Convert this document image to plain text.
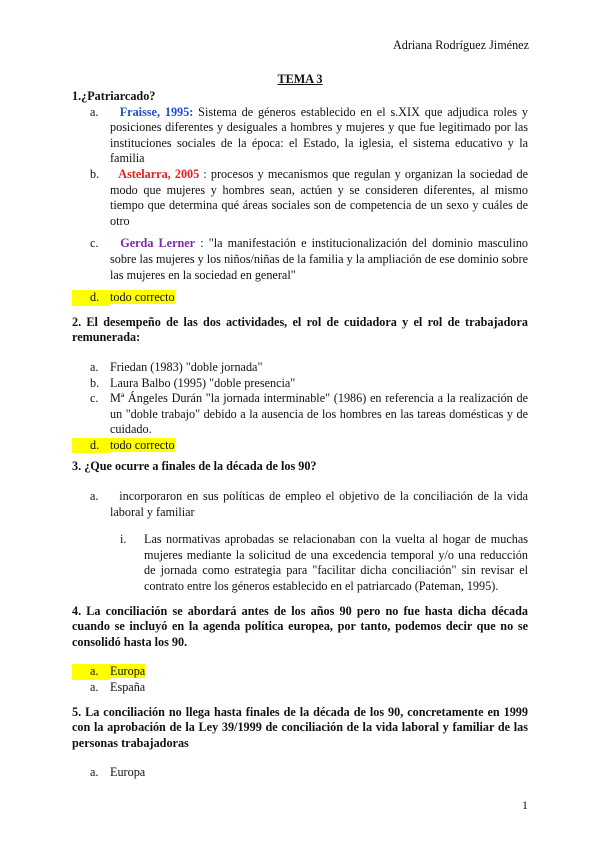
Adriana Rodríguez Jiménez
TEMA 3

1.¿Patriarcado?

a.	Fraisse, 1995: Sistema de géneros establecido en el s.XIX que adjudica roles y posiciones diferentes y desiguales a hombres y mujeres y que fue legitimado por las instituciones sociales de la época: el Estado, la iglesia, el sistema educativo y la familia
b.	Astelarra, 2005 : procesos y mecanismos que regulan y organizan la sociedad de modo que mujeres y hombres sean, actúen y se consideren diferentes, al mismo tiempo que determina qué áreas sociales son de competencia de un sexo y cuáles de otro
c.	Gerda Lerner : "la manifestación e institucionalización del dominio masculino sobre las mujeres y los niños/niñas de la familia y la ampliación de ese dominio sobre las mujeres en la sociedad en general"
d. todo correcto

2. El desempeño de las dos actividades, el rol de cuidadora y el rol de trabajadora remunerada:

a. Friedan (1983) "doble jornada"
b. Laura Balbo (1995) "doble presencia"
c. Mª Ángeles Durán "la jornada interminable" (1986) en referencia a la realización de un "doble trabajo" debido a la ausencia de los hombres en las tareas domésticas y de cuidado.
d. todo correcto

3. ¿Que ocurre a finales de la década de los 90?

a.	incorporaron en sus políticas de empleo el objetivo de la conciliación de la vida laboral y familiar
i.	Las normativas aprobadas se relacionaban con la vuelta al hogar de muchas mujeres mediante la solicitud de una excedencia temporal y/o una reducción de jornada como estrategia para "facilitar dicha conciliación" sin revisar el contrato entre los géneros establecido en el patriarcado (Pateman, 1995).

4. La conciliación se abordará antes de los años 90 pero no fue hasta dicha década cuando se incluyó en la agenda política europea, por tanto, podemos decir que no se consolidó hasta los 90.

a. Europa
a. España

5. La conciliación no llega hasta finales de la década de los 90, concretamente en 1999 con la aprobación de la Ley 39/1999 de conciliación de la vida laboral y familiar de las personas trabajadoras

a. Europa
1
